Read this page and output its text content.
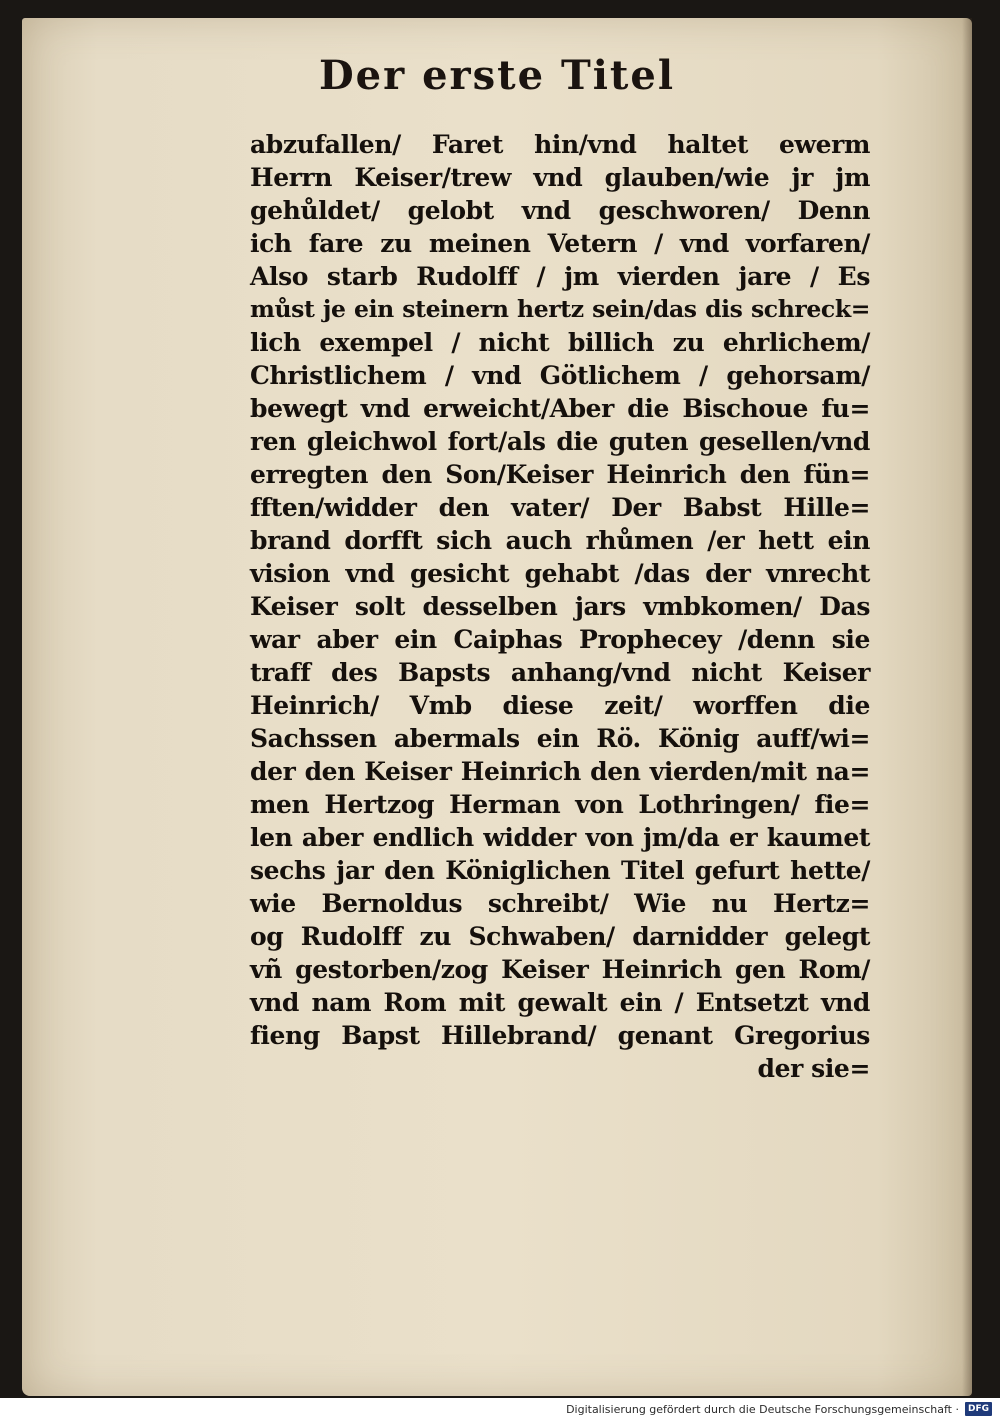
Der erste Titel
abzufallen/ Faret hin/vnd haltet ewerm
Herrn Keiser/trew vnd glauben/wie jr jm
gehůldet/ gelobt vnd geschworen/ Denn
ich fare zu meinen Vetern / vnd vorfaren/
Also starb Rudolff / jm vierden jare / Es
můst je ein steinern hertz sein/das dis schreck=
lich exempel / nicht billich zu ehrlichem/
Christlichem / vnd Götlichem / gehorsam/
bewegt vnd erweicht/Aber die Bischoue fu=
ren gleichwol fort/als die guten gesellen/vnd
erregten den Son/Keiser Heinrich den fün=
fften/widder den vater/ Der Babst Hille=
brand dorfft sich auch rhůmen /er hett ein
vision vnd gesicht gehabt /das der vnrecht
Keiser solt desselben jars vmbkomen/ Das
war aber ein Caiphas Prophecey /denn sie
traff des Bapsts anhang/vnd nicht Keiser
Heinrich/ Vmb diese zeit/ worffen die
Sachssen abermals ein Rö. König auff/wi=
der den Keiser Heinrich den vierden/mit na=
men Hertzog Herman von Lothringen/ fie=
len aber endlich widder von jm/da er kaumet
sechs jar den Königlichen Titel gefurt hette/
wie Bernoldus schreibt/ Wie nu Hertz=
og Rudolff zu Schwaben/ darnidder gelegt
vñ gestorben/zog Keiser Heinrich gen Rom/
vnd nam Rom mit gewalt ein / Entsetzt vnd
fieng Bapst Hillebrand/ genant Gregorius
der sie=
Digitalisierung gefördert durch die Deutsche Forschungsgemeinschaft ·	DFG
